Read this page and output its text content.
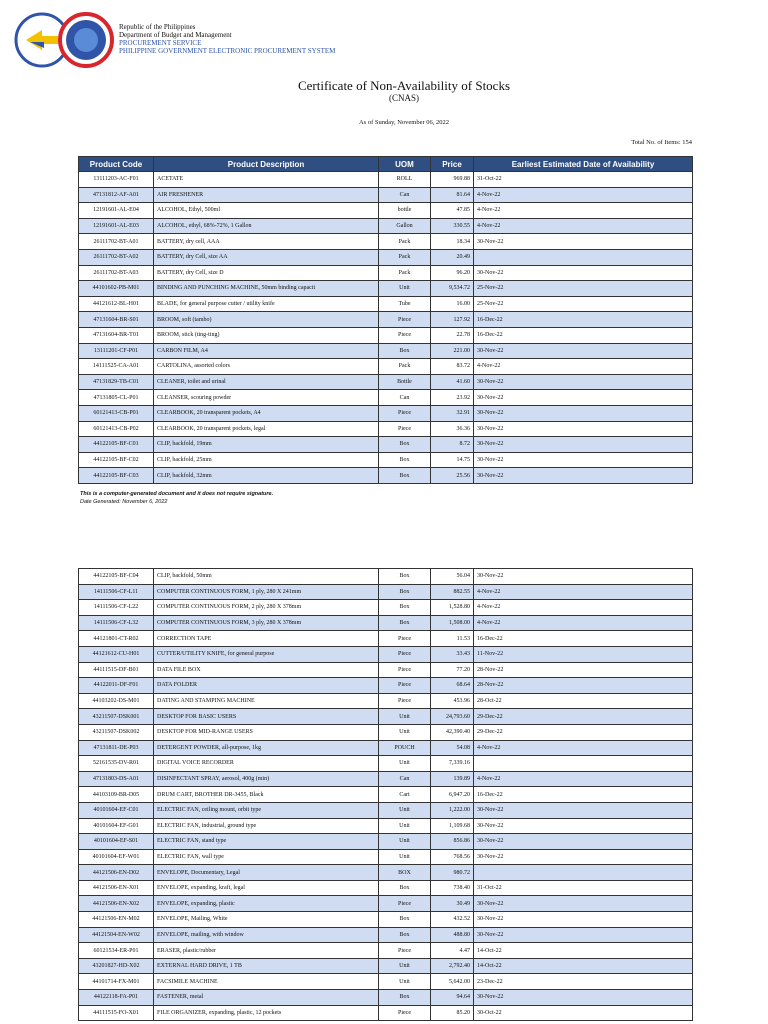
Republic of the Philippines
Department of Budget and Management
PROCUREMENT SERVICE
PHILIPPINE GOVERNMENT ELECTRONIC PROCUREMENT SYSTEM
Certificate of Non-Availability of Stocks
(CNAS)
As of Sunday, November 06, 2022
Total No. of Items: 154
Product Code	Product Description	UOM	Price	Earliest Estimated Date of Availability
13111203-AC-F01	ACETATE	ROLL	969.88	31-Oct-22
47131812-AF-A01	AIR FRESHENER	Can	81.64	4-Nov-22
12191601-AL-E04	ALCOHOL, Ethyl, 500ml	bottle	47.85	4-Nov-22
12191601-AL-E03	ALCOHOL, ethyl, 68%-72%, 1 Gallon	Gallon	330.55	4-Nov-22
26111702-BT-A01	BATTERY, dry cell, AAA	Pack	18.34	30-Nov-22
26111702-BT-A02	BATTERY, dry Cell, size AA	Pack	20.49	
26111702-BT-A03	BATTERY, dry Cell, size D	Pack	96.20	30-Nov-22
44101602-PB-M01	BINDING AND PUNCHING MACHINE, 50mm binding capacit	Unit	9,534.72	25-Nov-22
44121612-BL-H01	BLADE, for general purpose cutter / utility knife	Tube	16.00	25-Nov-22
47131604-BR-S01	BROOM, soft (tambo)	Piece	127.92	16-Dec-22
47131604-BR-T01	BROOM, stick (ting-ting)	Piece	22.78	16-Dec-22
13111201-CF-P01	CARBON FILM, A4	Box	221.00	30-Nov-22
14111525-CA-A01	CARTOLINA, assorted colors	Pack	83.72	4-Nov-22
47131829-TB-C01	CLEANER, toilet and urinal	Bottle	41.60	30-Nov-22
47131805-CL-P01	CLEANSER, scouring powder	Can	23.92	30-Nov-22
60121413-CB-P01	CLEARBOOK, 20 transparent pockets, A4	Piece	32.91	30-Nov-22
60121413-CB-P02	CLEARBOOK, 20 transparent pockets, legal	Piece	36.36	30-Nov-22
44122105-BF-C01	CLIP, backfold, 19mm	Box	8.72	30-Nov-22
44122105-BF-C02	CLIP, backfold, 25mm	Box	14.75	30-Nov-22
44122105-BF-C03	CLIP, backfold, 32mm	Box	25.56	30-Nov-22
This is a computer-generated document and it does not require signature.
Date Generated: November 6, 2022
44122105-BF-C04	CLIP, backfold, 50mm	Box	56.04	30-Nov-22
14111506-CF-L11	COMPUTER CONTINUOUS FORM, 1 ply, 280 X 241mm	Box	882.55	4-Nov-22
14111506-CF-L22	COMPUTER CONTINUOUS FORM, 2 ply, 280 X 378mm	Box	1,528.80	4-Nov-22
14111506-CF-L32	COMPUTER CONTINUOUS FORM, 3 ply, 280 X 378mm	Box	1,508.00	4-Nov-22
44121801-CT-R02	CORRECTION TAPE	Piece	11.53	16-Dec-22
44121612-CU-H01	CUTTER/UTILITY KNIFE, for general purpose	Piece	33.43	11-Nov-22
44111515-DF-B01	DATA FILE BOX	Piece	77.20	28-Nov-22
44122011-DF-F01	DATA FOLDER	Piece	68.64	28-Nov-22
44103202-DS-M01	DATING AND STAMPING MACHINE	Piece	453.96	28-Oct-22
43211507-DSK001	DESKTOP FOR BASIC USERS	Unit	24,793.60	29-Dec-22
43211507-DSK002	DESKTOP FOR MID-RANGE USERS	Unit	42,390.40	29-Dec-22
47131811-DE-P03	DETERGENT POWDER, all-purpose, 1kg	POUCH	54.08	4-Nov-22
52161535-DV-R01	DIGITAL VOICE RECORDER	Unit	7,339.16	
47131803-DS-A01	DISINFECTANT SPRAY, aerosol, 400g (min)	Can	139.89	4-Nov-22
44103109-BR-D05	DRUM CART, BROTHER DR-3455, Black	Cart	6,947.20	16-Dec-22
40101604-EF-C01	ELECTRIC FAN, ceiling mount, orbit type	Unit	1,222.00	30-Nov-22
40101604-EF-G01	ELECTRIC FAN, industrial, ground type	Unit	1,109.68	30-Nov-22
40101604-EF-S01	ELECTRIC FAN, stand type	Unit	856.86	30-Nov-22
40101604-EF-W01	ELECTRIC FAN, wall type	Unit	768.56	30-Nov-22
44121506-EN-D02	ENVELOPE, Documentary, Legal	BOX	980.72	
44121506-EN-X01	ENVELOPE, expanding, kraft, legal	Box	738.40	31-Oct-22
44121506-EN-X02	ENVELOPE, expanding, plastic	Piece	30.49	30-Nov-22
44121506-EN-M02	ENVELOPE, Mailing, White	Box	432.52	30-Nov-22
44121504-EN-W02	ENVELOPE, mailing, with window	Box	488.80	30-Nov-22
60121534-ER-P01	ERASER, plastic/rubber	Piece	4.47	14-Oct-22
43201827-HD-X02	EXTERNAL HARD DRIVE, 1 TB	Unit	2,792.40	14-Oct-22
44101714-FX-M01	FACSIMILE MACHINE	Unit	5,642.00	23-Dec-22
44122118-FA-P01	FASTENER, metal	Box	94.64	30-Nov-22
44111515-FO-X01	FILE ORGANIZER, expanding, plastic, 12 pockets	Piece	85.20	30-Oct-22
